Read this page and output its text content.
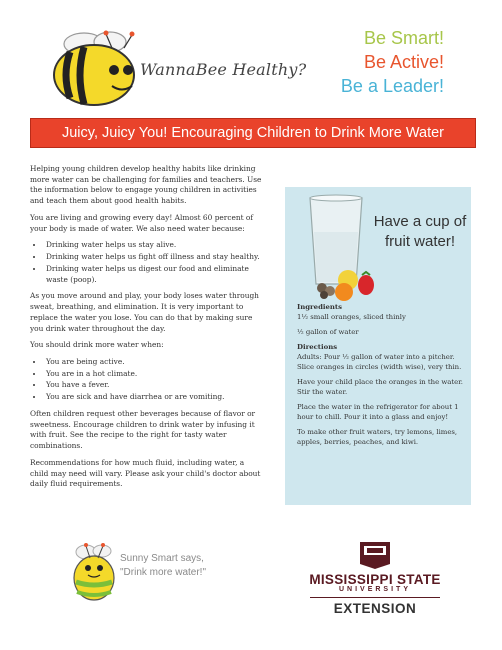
WannaBee Healthy?
Be Smart!
Be Active!
Be a Leader!
Juicy, Juicy You! Encouraging Children to Drink More Water

Helping young children develop healthy habits like drinking more water can be challenging for families and teachers. Use the information below to engage young children in activities and teach them about good health habits.

You are living and growing every day! Almost 60 percent of your body is made of water. We also need water because:

• Drinking water helps us stay alive.
• Drinking water helps us fight off illness and stay healthy.
• Drinking water helps us digest our food and eliminate waste (poop).

As you move around and play, your body loses water through sweat, breathing, and elimination. It is very important to replace the water you lose. You can do that by making sure you drink water throughout the day.

You should drink more water when:

• You are being active.
• You are in a hot climate.
• You have a fever.
• You are sick and have diarrhea or are vomiting.

Often children request other beverages because of flavor or sweetness. Encourage children to drink water by infusing it with fruit. See the recipe to the right for tasty water combinations.

Recommendations for how much fluid, including water, a child may need will vary. Please ask your child's doctor about daily fluid requirements.

Have a cup of fruit water!

Ingredients
1½ small oranges, sliced thinly

½ gallon of water

Directions
Adults: Pour ½ gallon of water into a pitcher. Slice oranges in circles (width wise), very thin.

Have your child place the oranges in the water. Stir the water.

Place the water in the refrigerator for about 1 hour to chill. Pour it into a glass and enjoy!

To make other fruit waters, try lemons, limes, apples, berries, peaches, and kiwi.

Sunny Smart says,
"Drink more water!"	MISSISSIPPI STATE
UNIVERSITY
EXTENSION
